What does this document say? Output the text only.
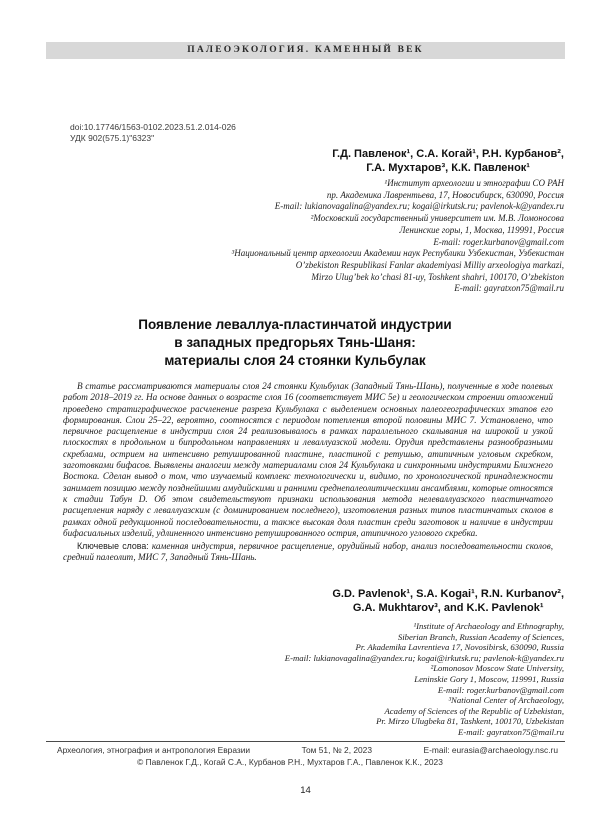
ПАЛЕОЭКОЛОГИЯ. КАМЕННЫЙ ВЕК
doi:10.17746/1563-0102.2023.51.2.014-026
УДК 902(575.1)"6323"
Г.Д. Павленок¹, С.А. Когай¹, Р.Н. Курбанов²,
Г.А. Мухтаров³, К.К. Павленок¹
¹Институт археологии и этнографии СО РАН
пр. Академика Лаврентьева, 17, Новосибирск, 630090, Россия
E-mail: lukianovagalina@yandex.ru; kogai@irkutsk.ru; pavlenok-k@yandex.ru
²Московский государственный университет им. М.В. Ломоносова
Ленинские горы, 1, Москва, 119991, Россия
E-mail: roger.kurbanov@gmail.com
³Национальный центр археологии Академии наук Республики Узбекистан, Узбекистан
O’zbekiston Respublikasi Fanlar akademiyasi Milliy arxeologiya markazi,
Mirzo Ulug’bek ko’chasi 81-uy, Toshkent shahri, 100170, O’zbekiston
E-mail: gayratxon75@mail.ru
Появление леваллуа-пластинчатой индустрии
в западных предгорьях Тянь-Шаня:
материалы слоя 24 стоянки Кульбулак

В статье рассматриваются материалы слоя 24 стоянки Кульбулак (Западный Тянь-Шань), полученные в ходе полевых работ 2018–2019 гг. На основе данных о возрасте слоя 16 (соответствует МИС 5e) и геологическом строении отложений проведено стратиграфическое расчленение разреза Кульбулака с выделением основных палеогеографических этапов его формирования. Слои 25–22, вероятно, соотносятся с периодом потепления второй половины МИС 7. Установлено, что первичное расщепление в индустрии слоя 24 реализовывалось в рамках параллельного скалывания на широкой и узкой плоскостях в продольном и бипродольном направлениях и леваллуазской модели. Орудия представлены разнообразными скреблами, острием на интенсивно ретушированной пластине, пластиной с ретушью, атипичным угловым скребком, заготовками бифасов. Выявлены аналогии между материалами слоя 24 Кульбулака и синхронными индустриями Ближнего Востока. Сделан вывод о том, что изучаемый комплекс технологически и, видимо, по хронологической принадлежности занимает позицию между позднейшими амудийскими и ранними среднепалеолитическими ансамблями, которые относятся к стадии Табун D. Об этом свидетельствуют признаки использования метода нелеваллуазского пластинчатого расщепления наряду с леваллуазским (с доминированием последнего), изготовления разных типов пластинчатых сколов в рамках одной редукционной последовательности, а также высокая доля пластин среди заготовок и наличие в индустрии бифасиальных изделий, удлиненного интенсивно ретушированного острия, атипичного углового скребка.

Ключевые слова: каменная индустрия, первичное расщепление, орудийный набор, анализ последовательности сколов, средний палеолит, МИС 7, Западный Тянь-Шань.

G.D. Pavlenok¹, S.A. Kogai¹, R.N. Kurbanov²,
G.A. Mukhtarov³, and K.K. Pavlenok¹
¹Institute of Archaeology and Ethnography,
Siberian Branch, Russian Academy of Sciences,
Pr. Akademika Lavrentieva 17, Novosibirsk, 630090, Russia
E-mail: lukianovagalina@yandex.ru; kogai@irkutsk.ru; pavlenok-k@yandex.ru
²Lomonosov Moscow State University,
Leninskie Gory 1, Moscow, 119991, Russia
E-mail: roger.kurbanov@gmail.com
³National Center of Archaeology,
Academy of Sciences of the Republic of Uzbekistan,
Pr. Mirzo Ulugbeka 81, Tashkent, 100170, Uzbekistan
E-mail: gayratxon75@mail.ru
Археология, этнография и антропология Евразии	Том 51, № 2, 2023	E-mail: eurasia@archaeology.nsc.ru
© Павленок Г.Д., Когай С.А., Курбанов Р.Н., Мухтаров Г.А., Павленок К.К., 2023
14
